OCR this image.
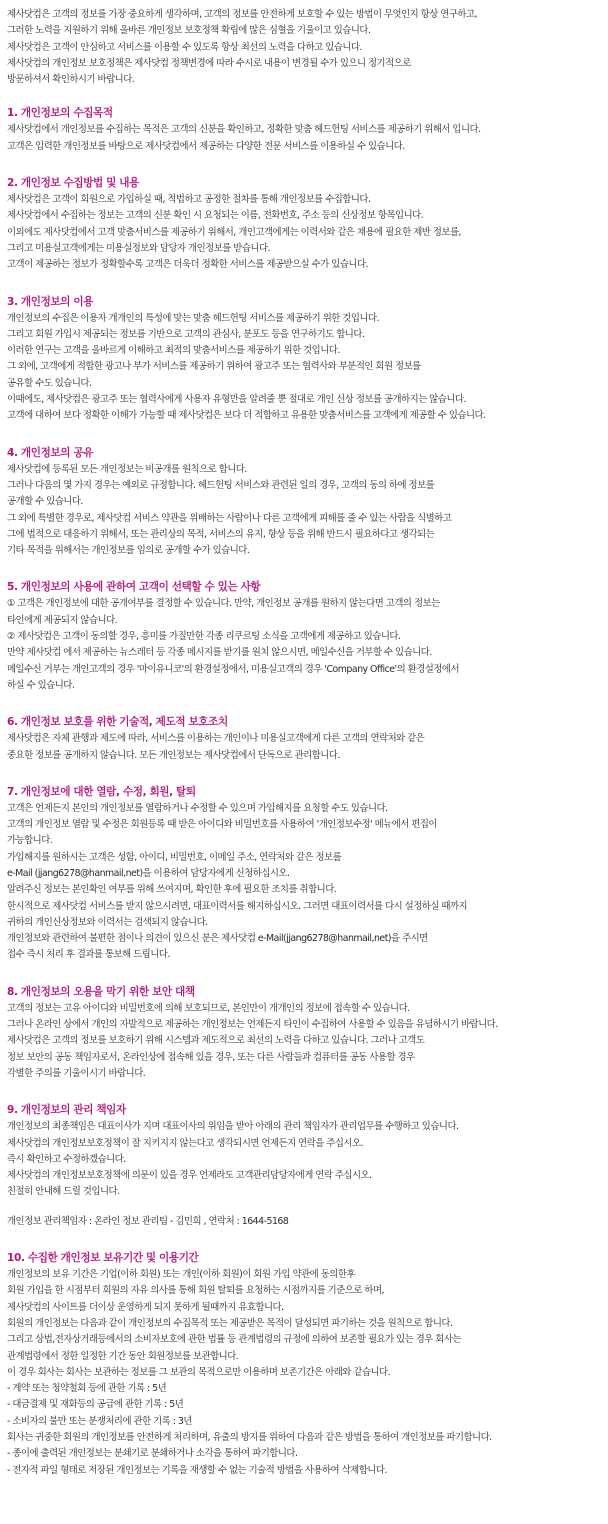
제사닷컴은 고객의 정보를 가장 중요하게 생각하며, 고객의 정보를 안전하게 보호할 수 있는 방법이 무엇인지 항상 연구하고,
그러한 노력을 지원하기 위해 올바른 개인정보 보호정책 확립에 많은 심혈을 기울이고 있습니다.
제사닷컴은 고객이 안심하고 서비스를 이용할 수 있도록 항상 최선의 노력을 다하고 있습니다.
제사닷컴의 개인정보 보호정책은 제사닷컴 정책변경에 따라 수시로 내용이 변경될 수가 있으니 정기적으로
방문하셔서 확인하시기 바랍니다.
1. 개인정보의 수집목적
제사닷컴에서 개인정보를 수집하는 목적은 고객의 신분을 확인하고, 정확한 맞춤 헤드헌팅 서비스를 제공하기 위해서 입니다.
고객은 입력한 개인정보를 바탕으로 제사닷컴에서 제공하는 다양한 전문 서비스를 이용하실 수 있습니다.
2. 개인정보 수집방법 및 내용
제사닷컴은 고객이 회원으로 가입하실 때, 적법하고 공정한 절차를 통해 개인정보를 수집합니다.
제사닷컴에서 수집하는 정보는 고객의 신분 확인 시 요청되는 이름, 전화번호, 주소 등의 신상정보 항목입니다.
이외에도 제사닷컴에서 고객 맞춤서비스를 제공하기 위해서, 개인고객에게는 이력서와 같은 채용에 필요한 제반 정보를,
그리고 미용실고객에게는 미용실정보와 담당자 개인정보를 받습니다.
고객이 제공하는 정보가 정확할수록 고객은 더욱더 정확한 서비스를 제공받으실 수가 있습니다.
3. 개인정보의 이용
개인정보의 수집은 이용자 개개인의 특성에 맞는 맞춤 헤드헌팅 서비스를 제공하기 위한 것입니다.
그리고 회원 가입시 제공되는 정보를 기반으로 고객의 관심사, 분포도 등을 연구하기도 합니다.
이러한 연구는 고객을 올바르게 이해하고 최적의 맞춤서비스를 제공하기 위한 것입니다.
그 외에, 고객에게 적합한 광고나 부가 서비스를 제공하기 위하여 광고주 또는 협력사와 부분적인 회원 정보를
공유할 수도 있습니다.
이때에도, 제사닷컴은 광고주 또는 협력사에게 사용자 유형만을 알려줄 뿐 절대로 개인 신상 정보를 공개하지는 않습니다.
고객에 대하여 보다 정확한 이해가 가능할 때 제사닷컴은 보다 더 적합하고 유용한 맞춤서비스를 고객에게 제공할 수 있습니다.
4. 개인정보의 공유
제사닷컴에 등록된 모든 개인정보는 비공개를 원칙으로 합니다.
그러나 다음의 몇 가지 경우는 예외로 규정합니다. 헤드헌팅 서비스와 관련된 일의 경우, 고객의 동의 하에 정보를
공개할 수 있습니다.
그 외에 특별한 경우로, 제사닷컴 서비스 약관을 위배하는 사람이나 다른 고객에게 피해를 줄 수 있는 사람을 식별하고
그에 법적으로 대응하기 위해서, 또는 관리상의 목적, 서비스의 유지, 향상 등을 위해 반드시 필요하다고 생각되는
기타 목적을 위해서는 개인정보를 임의로 공개할 수가 있습니다.
5. 개인정보의 사용에 관하여 고객이 선택할 수 있는 사항
① 고객은 개인정보에 대한 공개여부를 결정할 수 있습니다. 만약, 개인정보 공개를 원하지 않는다면 고객의 정보는
타인에게 제공되지 않습니다.
② 제사닷컴은 고객이 동의할 경우, 흥미를 가질만한 각종 리쿠르팅 소식을 고객에게 제공하고 있습니다.
만약 제사닷컴 에서 제공하는 뉴스레터 등 각종 메시지를 받기를 원치 않으시면, 메일수신을 거부할 수 있습니다.
메일수신 거부는 개인고객의 경우 '마이유니코'의 환경설정에서, 미용실고객의 경우 'Company Office'의 환경설정에서
하실 수 있습니다.
6. 개인정보 보호를 위한 기술적, 제도적 보호조치
제사닷컴은 자체 관행과 제도에 따라, 서비스를 이용하는 개인이나 미용실고객에게 다른 고객의 연락처와 같은
중요한 정보를 공개하지 않습니다. 모든 개인정보는 제사닷컴에서 단독으로 관리합니다.
7. 개인정보에 대한 열람, 수정, 회원, 탈퇴
고객은 언제든지 본인의 개인정보를 열람하거나 수정할 수 있으며 가입해지를 요청할 수도 있습니다.
고객의 개인정보 열람 및 수정은 회원등록 때 받은 아이디와 비밀번호를 사용하여 '개인정보수정' 메뉴에서 편집이
가능합니다.
가입해지를 원하시는 고객은 성함, 아이디, 비밀번호, 이메일 주소, 연락처와 같은 정보를
e-Mail (jjang6278@hanmail,net)을 이용하여 담당자에게 신청하십시오.
알려주신 정보는 본인확인 여부를 위해 쓰여지며, 확인한 후에 필요한 조치를 취합니다.
한시적으로 제사닷컴 서비스를 받지 않으시려면, 대표이력서를 해지하십시오. 그러면 대표이력서를 다시 설정하실 때까지
귀하의 개인신상정보와 이력서는 검색되지 않습니다.
개인정보와 관련하여 불편한 점이나 의견이 있으신 분은 제사닷컴 e-Mail(jjang6278@hanmail,net)을 주시면
접수 즉시 처리 후 결과를 통보해 드립니다.
8. 개인정보의 오용을 막기 위한 보안 대책
고객의 정보는 고유 아이디와 비밀번호에 의해 보호되므로, 본인만이 개개인의 정보에 접속할 수 있습니다.
그러나 온라인 상에서 개인의 자발적으로 제공하는 개인정보는 언제든지 타인이 수집하여 사용할 수 있음을 유념하시기 바랍니다.
제사닷컴은 고객의 정보를 보호하기 위해 시스템과 제도적으로 최선의 노력을 다하고 있습니다. 그러나 고객도
정보 보안의 공동 책임자로서, 온라인상에 접속해 있을 경우, 또는 다른 사람들과 컴퓨터를 공동 사용할 경우
각별한 주의를 기울이시기 바랍니다.
9. 개인정보의 관리 책임자
개인정보의 최종책임은 대표이사가 지며 대표이사의 위임을 받아 아래의 관리 책임자가 관리업무를 수행하고 있습니다.
제사닷컴의 개인정보보호정책이 잘 지키지지 않는다고 생각되시면 언제든지 연락을 주십시오.
즉시 확인하고 수정하겠습니다.
제사닷컴의 개인정보보호정책에 의문이 있을 경우 언제라도 고객관리담당자에게 연락 주십시오.
친절히 안내해 드릴 것입니다.
개인정보 관리책임자 : 온라인 정보 관리팀 - 김민희 , 연락처 : 1644-5168
10. 수집한 개인정보 보유기간 및 이용기간
개인정보의 보유 기간은 기업(이하 회원) 또는 개인(이하 회원)이 회원 가입 약관에 동의한후
회원 가입을 한 시점부터 회원의 자유 의사를 통해 회원 탈퇴를 요청하는 시점까지를 기준으로 하며,
제사닷컴의 사이트를 더이상 운영하게 되지 못하게 될때까지 유효합니다.
회원의 개인정보는 다음과 같이 개인정보의 수집목적 또는 제공받은 목적이 달성되면 파기하는 것을 원칙으로 합니다.
그리고 상법,전자상거래등에서의 소비자보호에 관한 법률 등 관계법령의 규정에 의하여 보존할 필요가 있는 경우 회사는
관계법령에서 정한 일정한 기간 동안 회원정보를 보관합니다.
이 경우 회사는 회사는 보관하는 정보를 그 보관의 목적으로만 이용하며 보존기간은 아래와 같습니다.
- 계약 또는 청약철회 등에 관한 기록 : 5년
- 대금결제 및 재화등의 공급에 관한 기록 : 5년
- 소비자의 불만 또는 분쟁처리에 관한 기록 : 3년
회사는 귀중한 회원의 개인정보를 안전하게 처리하며, 유출의 방지를 위하여 다음과 같은 방법을 통하여 개인정보를 파기합니다.
- 종이에 출력된 개인정보는 분쇄기로 분쇄하거나 소각을 통하여 파기합니다.
- 전자적 파일 형태로 저장된 개인정보는 기록을 재생할 수 없는 기술적 방법을 사용하여 삭제합니다.
